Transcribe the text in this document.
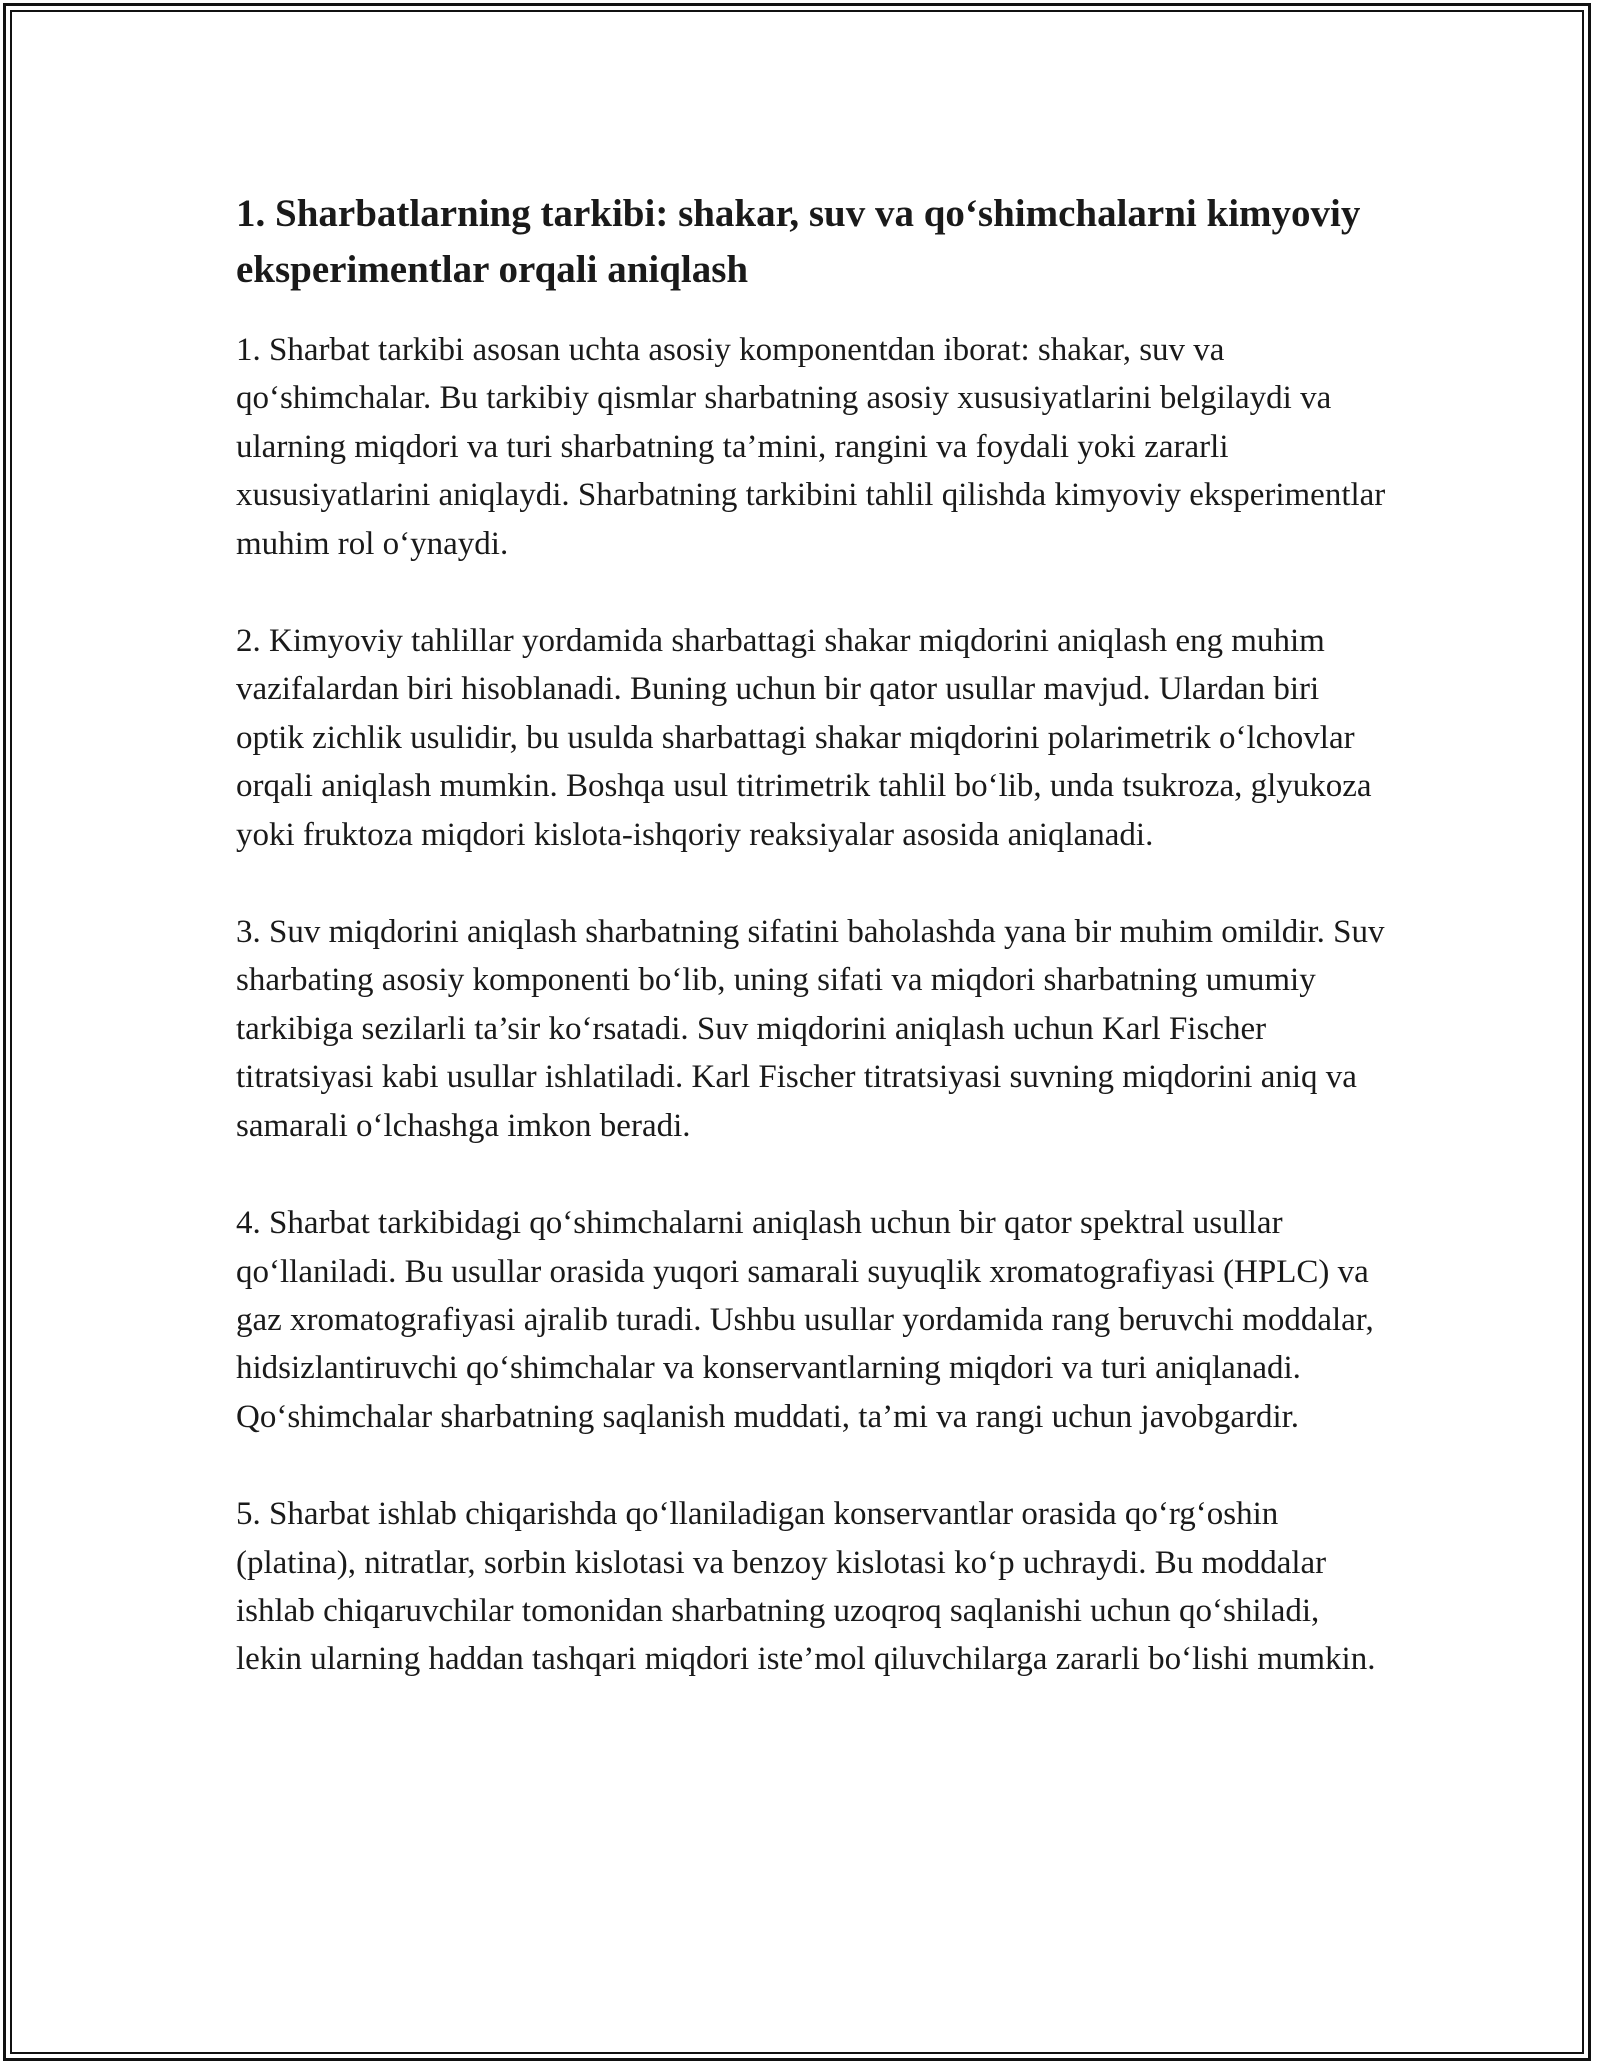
1. Sharbatlarning tarkibi: shakar, suv va qo‘shimchalarni kimyoviy eksperimentlar orqali aniqlash

1. Sharbat tarkibi asosan uchta asosiy komponentdan iborat: shakar, suv va qo‘shimchalar. Bu tarkibiy qismlar sharbatning asosiy xususiyatlarini belgilaydi va ularning miqdori va turi sharbatning ta’mini, rangini va foydali yoki zararli xususiyatlarini aniqlaydi. Sharbatning tarkibini tahlil qilishda kimyoviy eksperimentlar muhim rol o‘ynaydi.

2. Kimyoviy tahlillar yordamida sharbattagi shakar miqdorini aniqlash eng muhim vazifalardan biri hisoblanadi. Buning uchun bir qator usullar mavjud. Ulardan biri optik zichlik usulidir, bu usulda sharbattagi shakar miqdorini polarimetrik o‘lchovlar orqali aniqlash mumkin. Boshqa usul titrimetrik tahlil bo‘lib, unda tsukroza, glyukoza yoki fruktoza miqdori kislota-ishqoriy reaksiyalar asosida aniqlanadi.

3. Suv miqdorini aniqlash sharbatning sifatini baholashda yana bir muhim omildir. Suv sharbating asosiy komponenti bo‘lib, uning sifati va miqdori sharbatning umumiy tarkibiga sezilarli ta’sir ko‘rsatadi. Suv miqdorini aniqlash uchun Karl Fischer titratsiyasi kabi usullar ishlatiladi. Karl Fischer titratsiyasi suvning miqdorini aniq va samarali o‘lchashga imkon beradi.

4. Sharbat tarkibidagi qo‘shimchalarni aniqlash uchun bir qator spektral usullar qo‘llaniladi. Bu usullar orasida yuqori samarali suyuqlik xromatografiyasi (HPLC) va gaz xromatografiyasi ajralib turadi. Ushbu usullar yordamida rang beruvchi moddalar, hidsizlantiruvchi qo‘shimchalar va konservantlarning miqdori va turi aniqlanadi. Qo‘shimchalar sharbatning saqlanish muddati, ta’mi va rangi uchun javobgardir.

5. Sharbat ishlab chiqarishda qo‘llaniladigan konservantlar orasida qo‘rg‘oshin (platina), nitratlar, sorbin kislotasi va benzoy kislotasi ko‘p uchraydi. Bu moddalar ishlab chiqaruvchilar tomonidan sharbatning uzoqroq saqlanishi uchun qo‘shiladi, lekin ularning haddan tashqari miqdori iste’mol qiluvchilarga zararli bo‘lishi mumkin.
